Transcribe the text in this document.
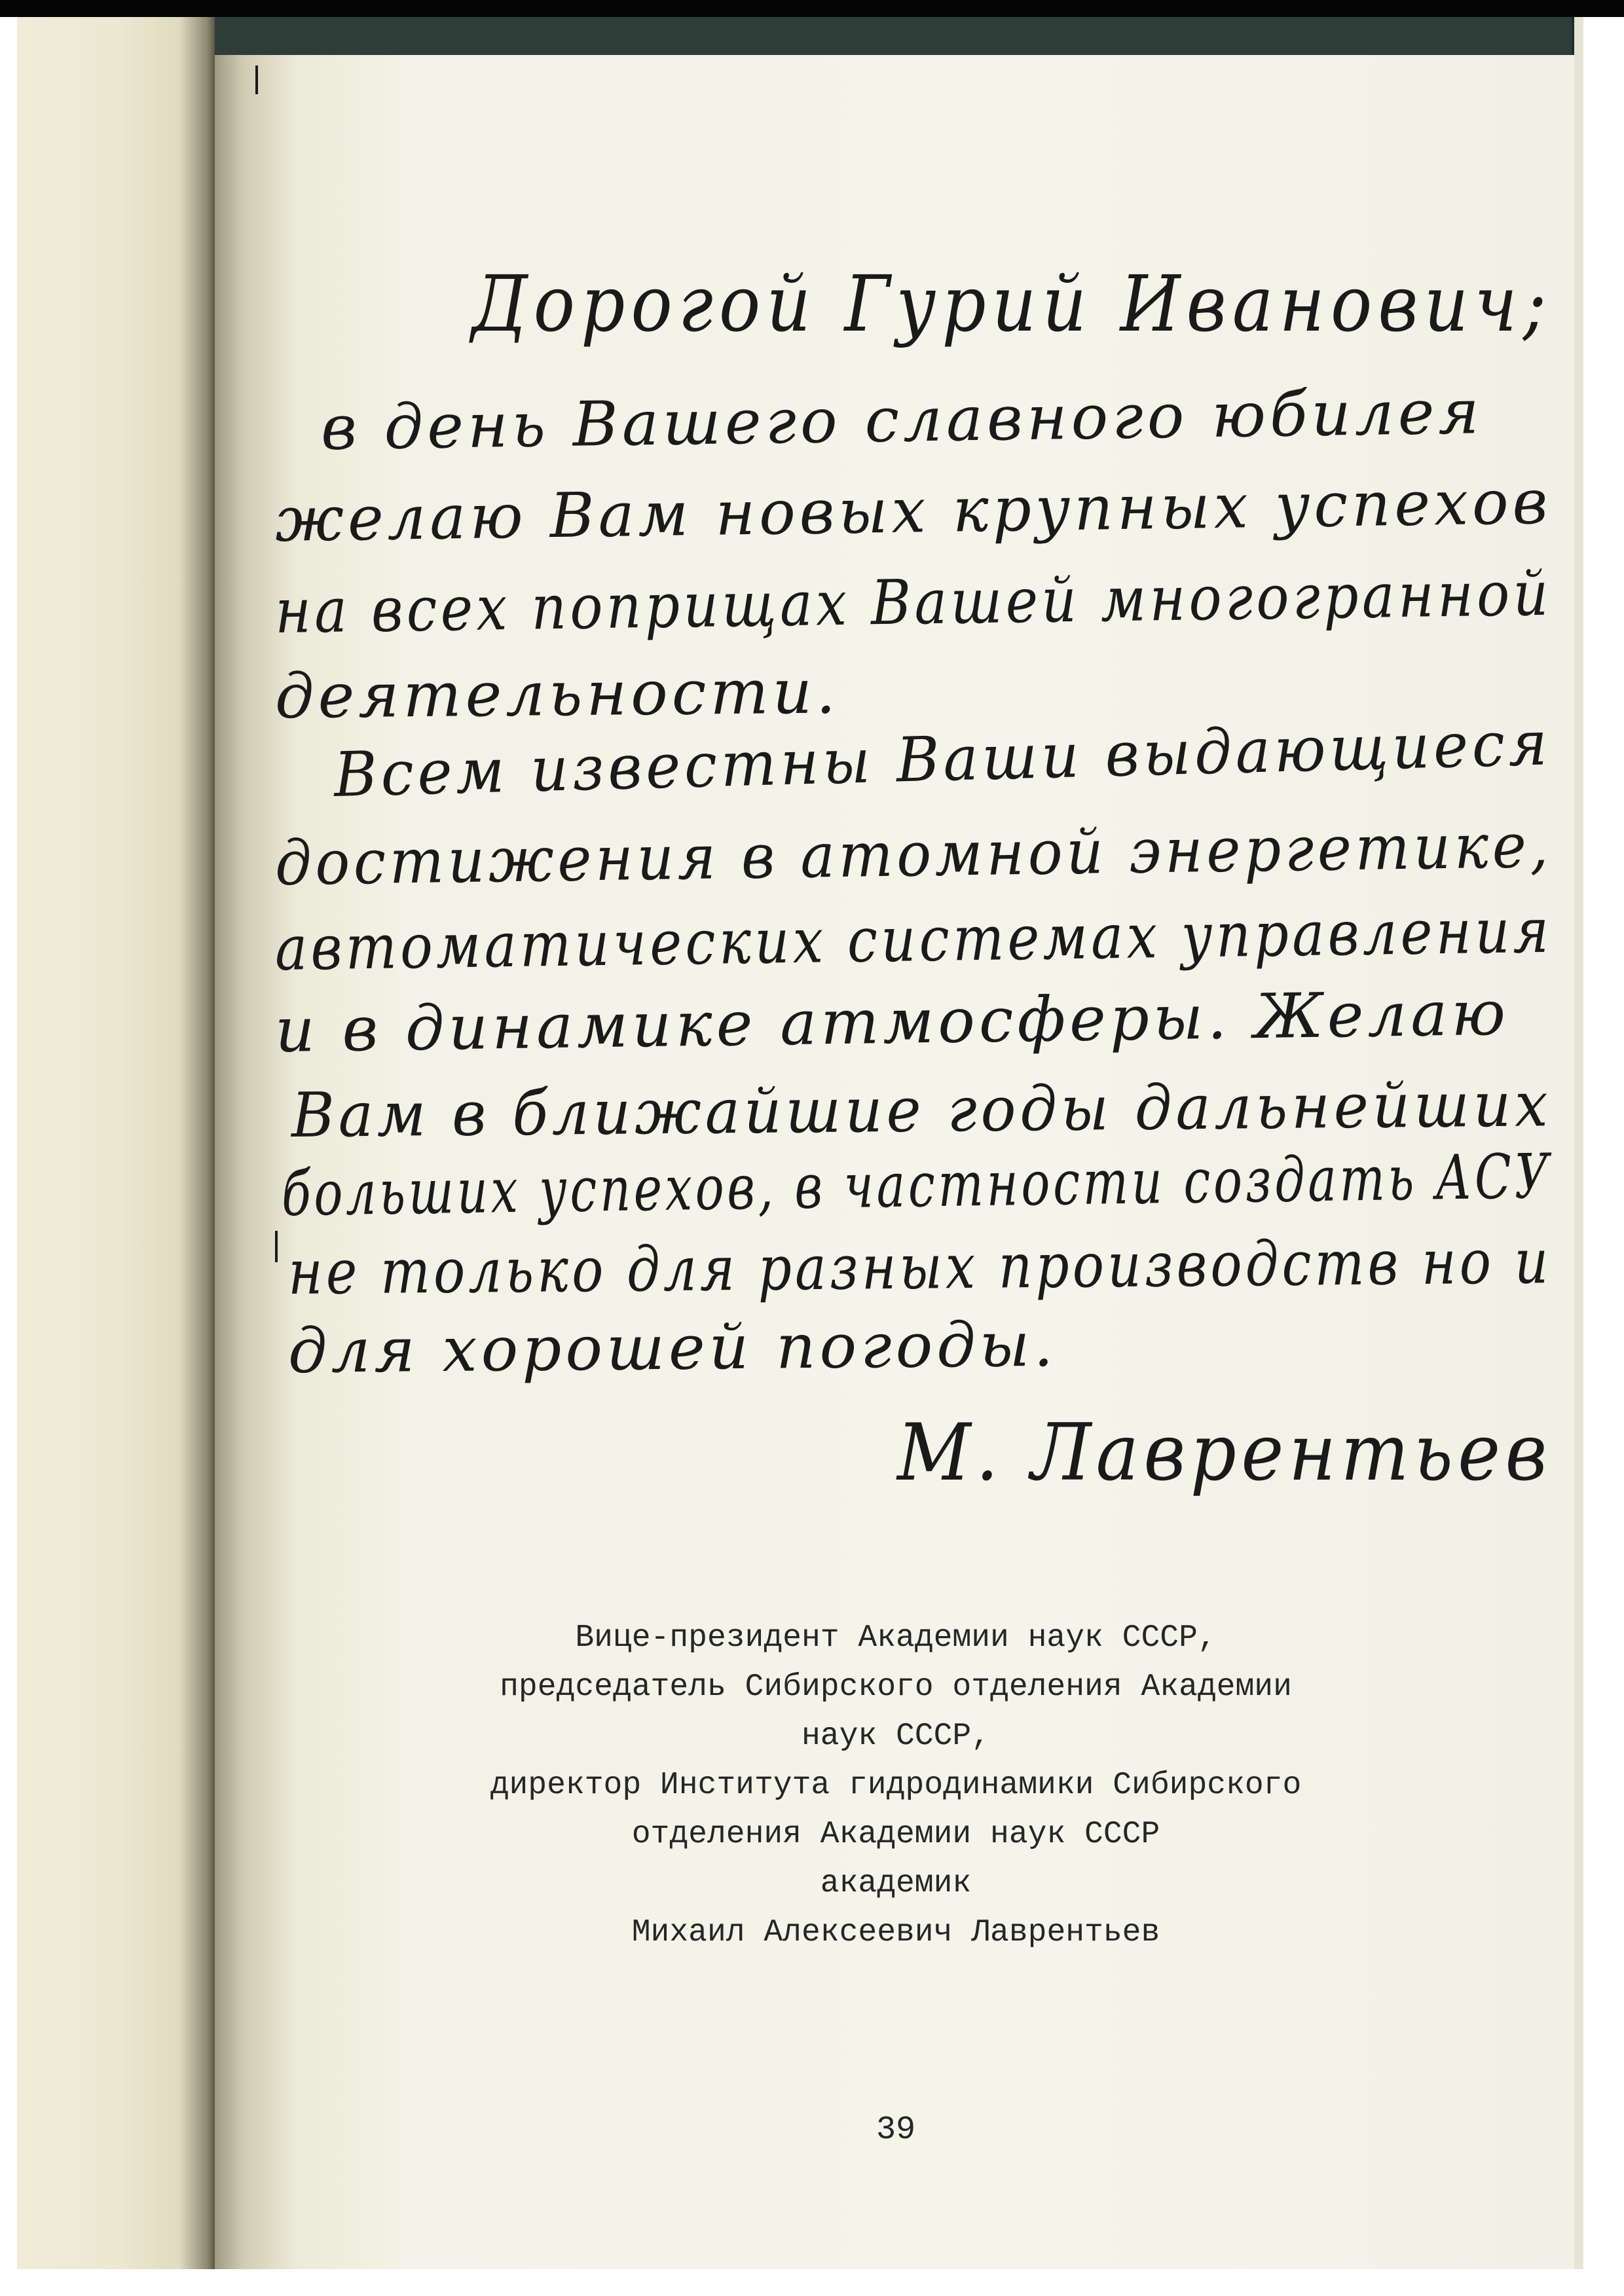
Дорогой Гурий Иванович;
в день Вашего славного юбилея
желаю Вам новых крупных успехов
на всех поприщах Вашей многогранной
деятельности.
Всем известны Ваши выдающиеся
достижения в атомной энергетике,
автоматических системах управления
и в динамике атмосферы. Желаю
Вам в ближайшие годы дальнейших
больших успехов, в частности создать АСУ
не только для разных производств но и
для хорошей погоды.
М. Лаврентьев
Вице-президент Академии наук СССР,
председатель Сибирского отделения Академии
наук СССР,
директор Института гидродинамики Сибирского
отделения Академии наук СССР
академик
Михаил Алексеевич Лаврентьев
39
